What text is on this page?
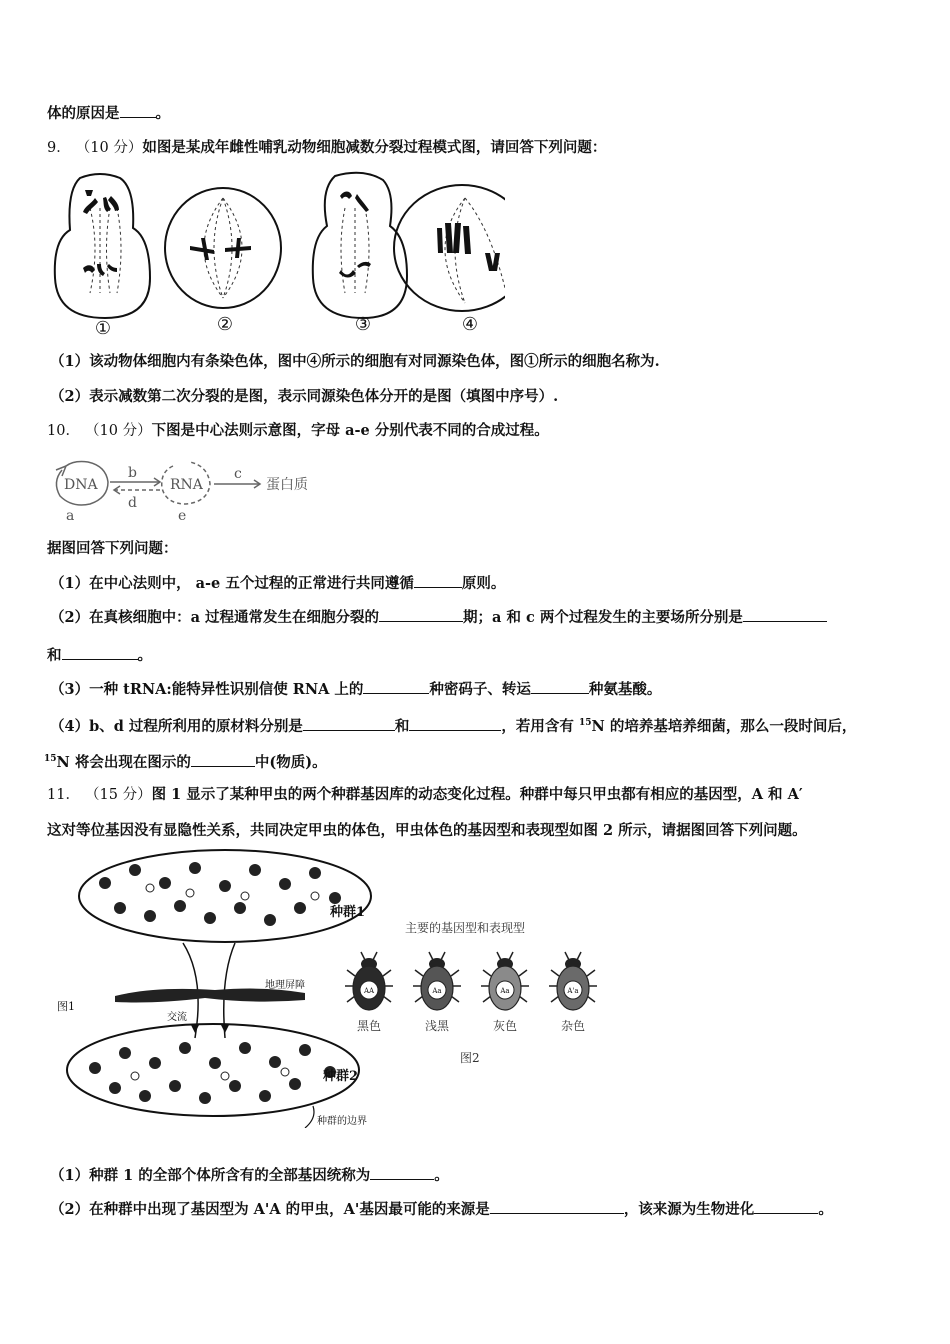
体的原因是 。
9． （10 分）如图是某成年雌性哺乳动物细胞减数分裂过程模式图，请回答下列问题：
①	②	③	④
（1）该动物体细胞内有条染色体，图中④所示的细胞有对同源染色体，图①所示的细胞名称为.
（2）表示减数第二次分裂的是图，表示同源染色体分开的是图（填图中序号）.
10． （10 分）下图是中心法则示意图，字母 a-e 分别代表不同的合成过程。
DNA	RNA	蛋白质
b
d
c
a	e
据图回答下列问题：
（1）在中心法则中， a-e 五个过程的正常进行共同遵循	原则。
（2）在真核细胞中：a 过程通常发生在细胞分裂的	期；a 和 c 两个过程发生的主要场所分别是
和	。
（3）一种 tRNA:能特异性识别信使 RNA 上的	种密码子、转运	种氨基酸。
（4）b、d 过程所利用的原材料分别是	和	，若用含有 $^{15}$N 的培养基培养细菌，那么一段时间后，
$^{15}$N 将会出现在图示的	中(物质)。
11． （15 分）图 1 显示了某种甲虫的两个种群基因库的动态变化过程。种群中每只甲虫都有相应的基因型，A 和 A′
这对等位基因没有显隐性关系，共同决定甲虫的体色，甲虫体色的基因型和表现型如图 2 所示，请据图回答下列问题。
种群1
种群2
地理屏障
交流
种群的边界
图1
主要的基因型和表现型
AA
黑色
Aa
浅黑
Aa
灰色
A'a
杂色
图2
（1）种群 1 的全部个体所含有的全部基因统称为	。
（2）在种群中出现了基因型为 A'A 的甲虫，A'基因最可能的来源是	，该来源为生物进化	。
